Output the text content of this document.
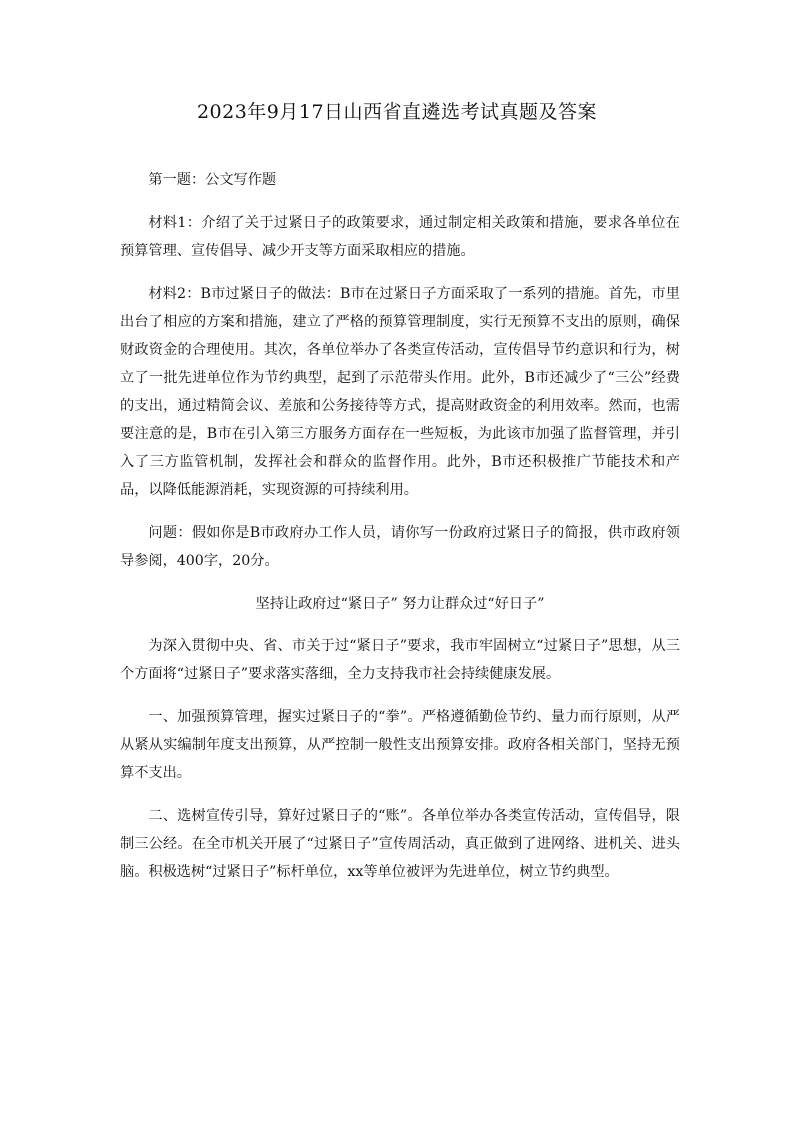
2023年9月17日山西省直遴选考试真题及答案

第一题：公文写作题

材料1：介绍了关于过紧日子的政策要求，通过制定相关政策和措施，要求各单位在预算管理、宣传倡导、减少开支等方面采取相应的措施。

材料2：B市过紧日子的做法：B市在过紧日子方面采取了一系列的措施。首先，市里出台了相应的方案和措施，建立了严格的预算管理制度，实行无预算不支出的原则，确保财政资金的合理使用。其次，各单位举办了各类宣传活动，宣传倡导节约意识和行为，树立了一批先进单位作为节约典型，起到了示范带头作用。此外，B市还减少了“三公”经费的支出，通过精简会议、差旅和公务接待等方式，提高财政资金的利用效率。然而，也需要注意的是，B市在引入第三方服务方面存在一些短板，为此该市加强了监督管理，并引入了三方监管机制，发挥社会和群众的监督作用。此外，B市还积极推广节能技术和产品，以降低能源消耗，实现资源的可持续利用。

问题：假如你是B市政府办工作人员，请你写一份政府过紧日子的简报，供市政府领导参阅，400字，20分。

坚持让政府过“紧日子” 努力让群众过“好日子”

为深入贯彻中央、省、市关于过“紧日子”要求，我市牢固树立“过紧日子”思想，从三个方面将“过紧日子”要求落实落细，全力支持我市社会持续健康发展。

一、加强预算管理，握实过紧日子的“拳”。严格遵循勤俭节约、量力而行原则，从严从紧从实编制年度支出预算，从严控制一般性支出预算安排。政府各相关部门，坚持无预算不支出。

二、选树宣传引导，算好过紧日子的“账”。各单位举办各类宣传活动，宣传倡导，限制三公经。在全市机关开展了“过紧日子”宣传周活动，真正做到了进网络、进机关、进头脑。积极选树“过紧日子”标杆单位，xx等单位被评为先进单位，树立节约典型。
